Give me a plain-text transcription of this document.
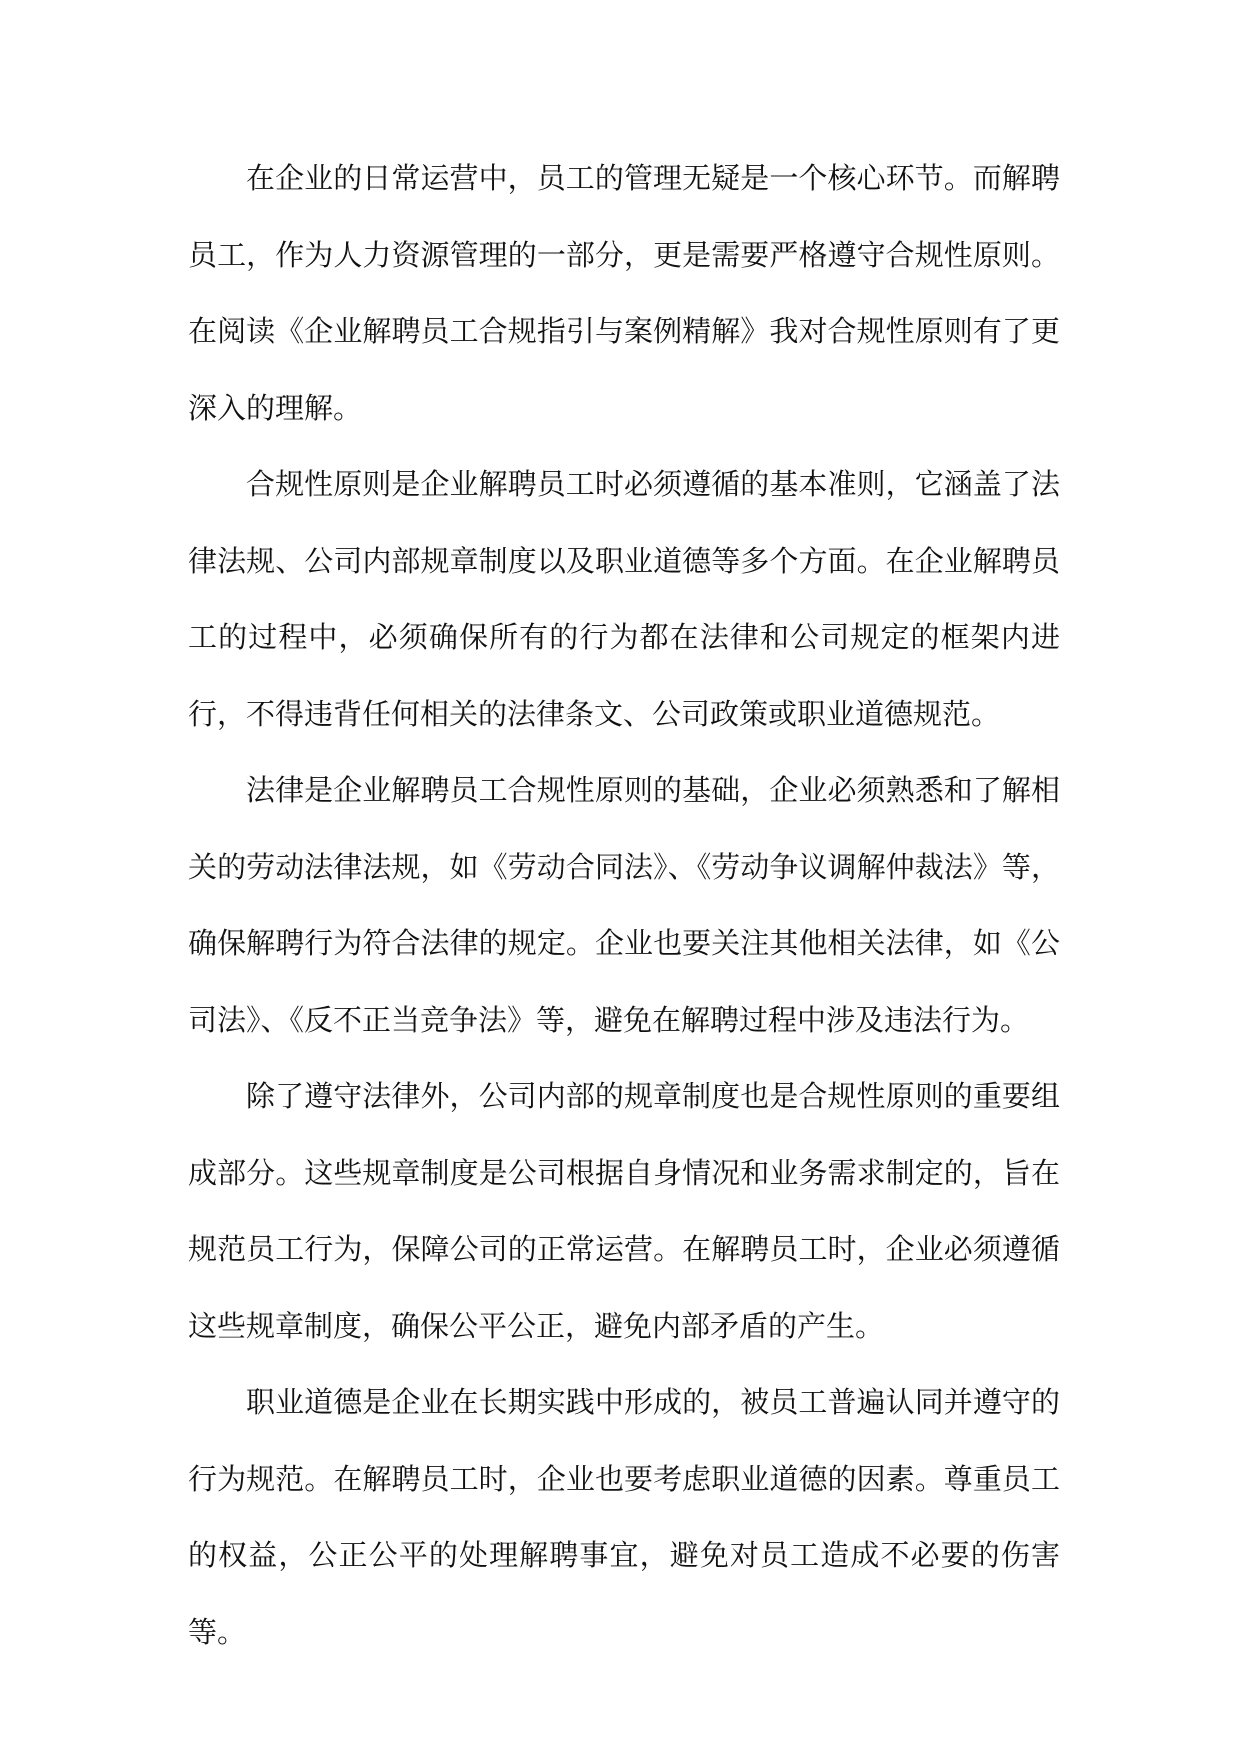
在企业的日常运营中，员工的管理无疑是一个核心环节。而解聘员工，作为人力资源管理的一部分，更是需要严格遵守合规性原则。在阅读《企业解聘员工合规指引与案例精解》我对合规性原则有了更深入的理解。

合规性原则是企业解聘员工时必须遵循的基本准则，它涵盖了法律法规、公司内部规章制度以及职业道德等多个方面。在企业解聘员工的过程中，必须确保所有的行为都在法律和公司规定的框架内进行，不得违背任何相关的法律条文、公司政策或职业道德规范。

法律是企业解聘员工合规性原则的基础，企业必须熟悉和了解相关的劳动法律法规，如《劳动合同法》、《劳动争议调解仲裁法》等，确保解聘行为符合法律的规定。企业也要关注其他相关法律，如《公司法》、《反不正当竞争法》等，避免在解聘过程中涉及违法行为。

除了遵守法律外，公司内部的规章制度也是合规性原则的重要组成部分。这些规章制度是公司根据自身情况和业务需求制定的，旨在规范员工行为，保障公司的正常运营。在解聘员工时，企业必须遵循这些规章制度，确保公平公正，避免内部矛盾的产生。

职业道德是企业在长期实践中形成的，被员工普遍认同并遵守的行为规范。在解聘员工时，企业也要考虑职业道德的因素。尊重员工的权益，公正公平的处理解聘事宜，避免对员工造成不必要的伤害等。
